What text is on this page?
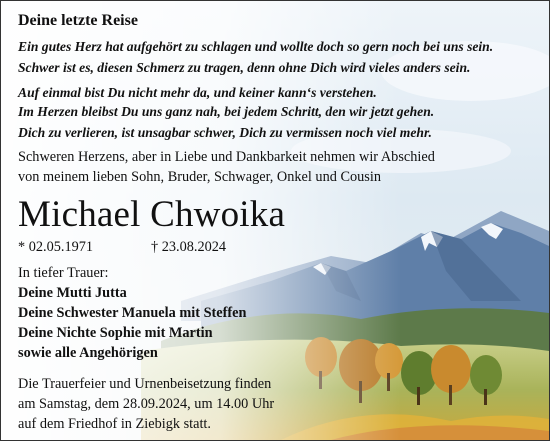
Deine letzte Reise
Ein gutes Herz hat aufgehört zu schlagen und wollte doch so gern noch bei uns sein.
Schwer ist es, diesen Schmerz zu tragen, denn ohne Dich wird vieles anders sein.
Auf einmal bist Du nicht mehr da, und keiner kann‘s verstehen.
Im Herzen bleibst Du uns ganz nah, bei jedem Schritt, den wir jetzt gehen.
Dich zu verlieren, ist unsagbar schwer, Dich zu vermissen noch viel mehr.
Schweren Herzens, aber in Liebe und Dankbarkeit nehmen wir Abschied
von meinem lieben Sohn, Bruder, Schwager, Onkel und Cousin
Michael Chwoika
* 02.05.1971	† 23.08.2024
In tiefer Trauer:
Deine Mutti Jutta
Deine Schwester Manuela mit Steffen
Deine Nichte Sophie mit Martin
sowie alle Angehörigen
Die Trauerfeier und Urnenbeisetzung finden
am Samstag, dem 28.09.2024, um 14.00 Uhr
auf dem Friedhof in Ziebigk statt.
